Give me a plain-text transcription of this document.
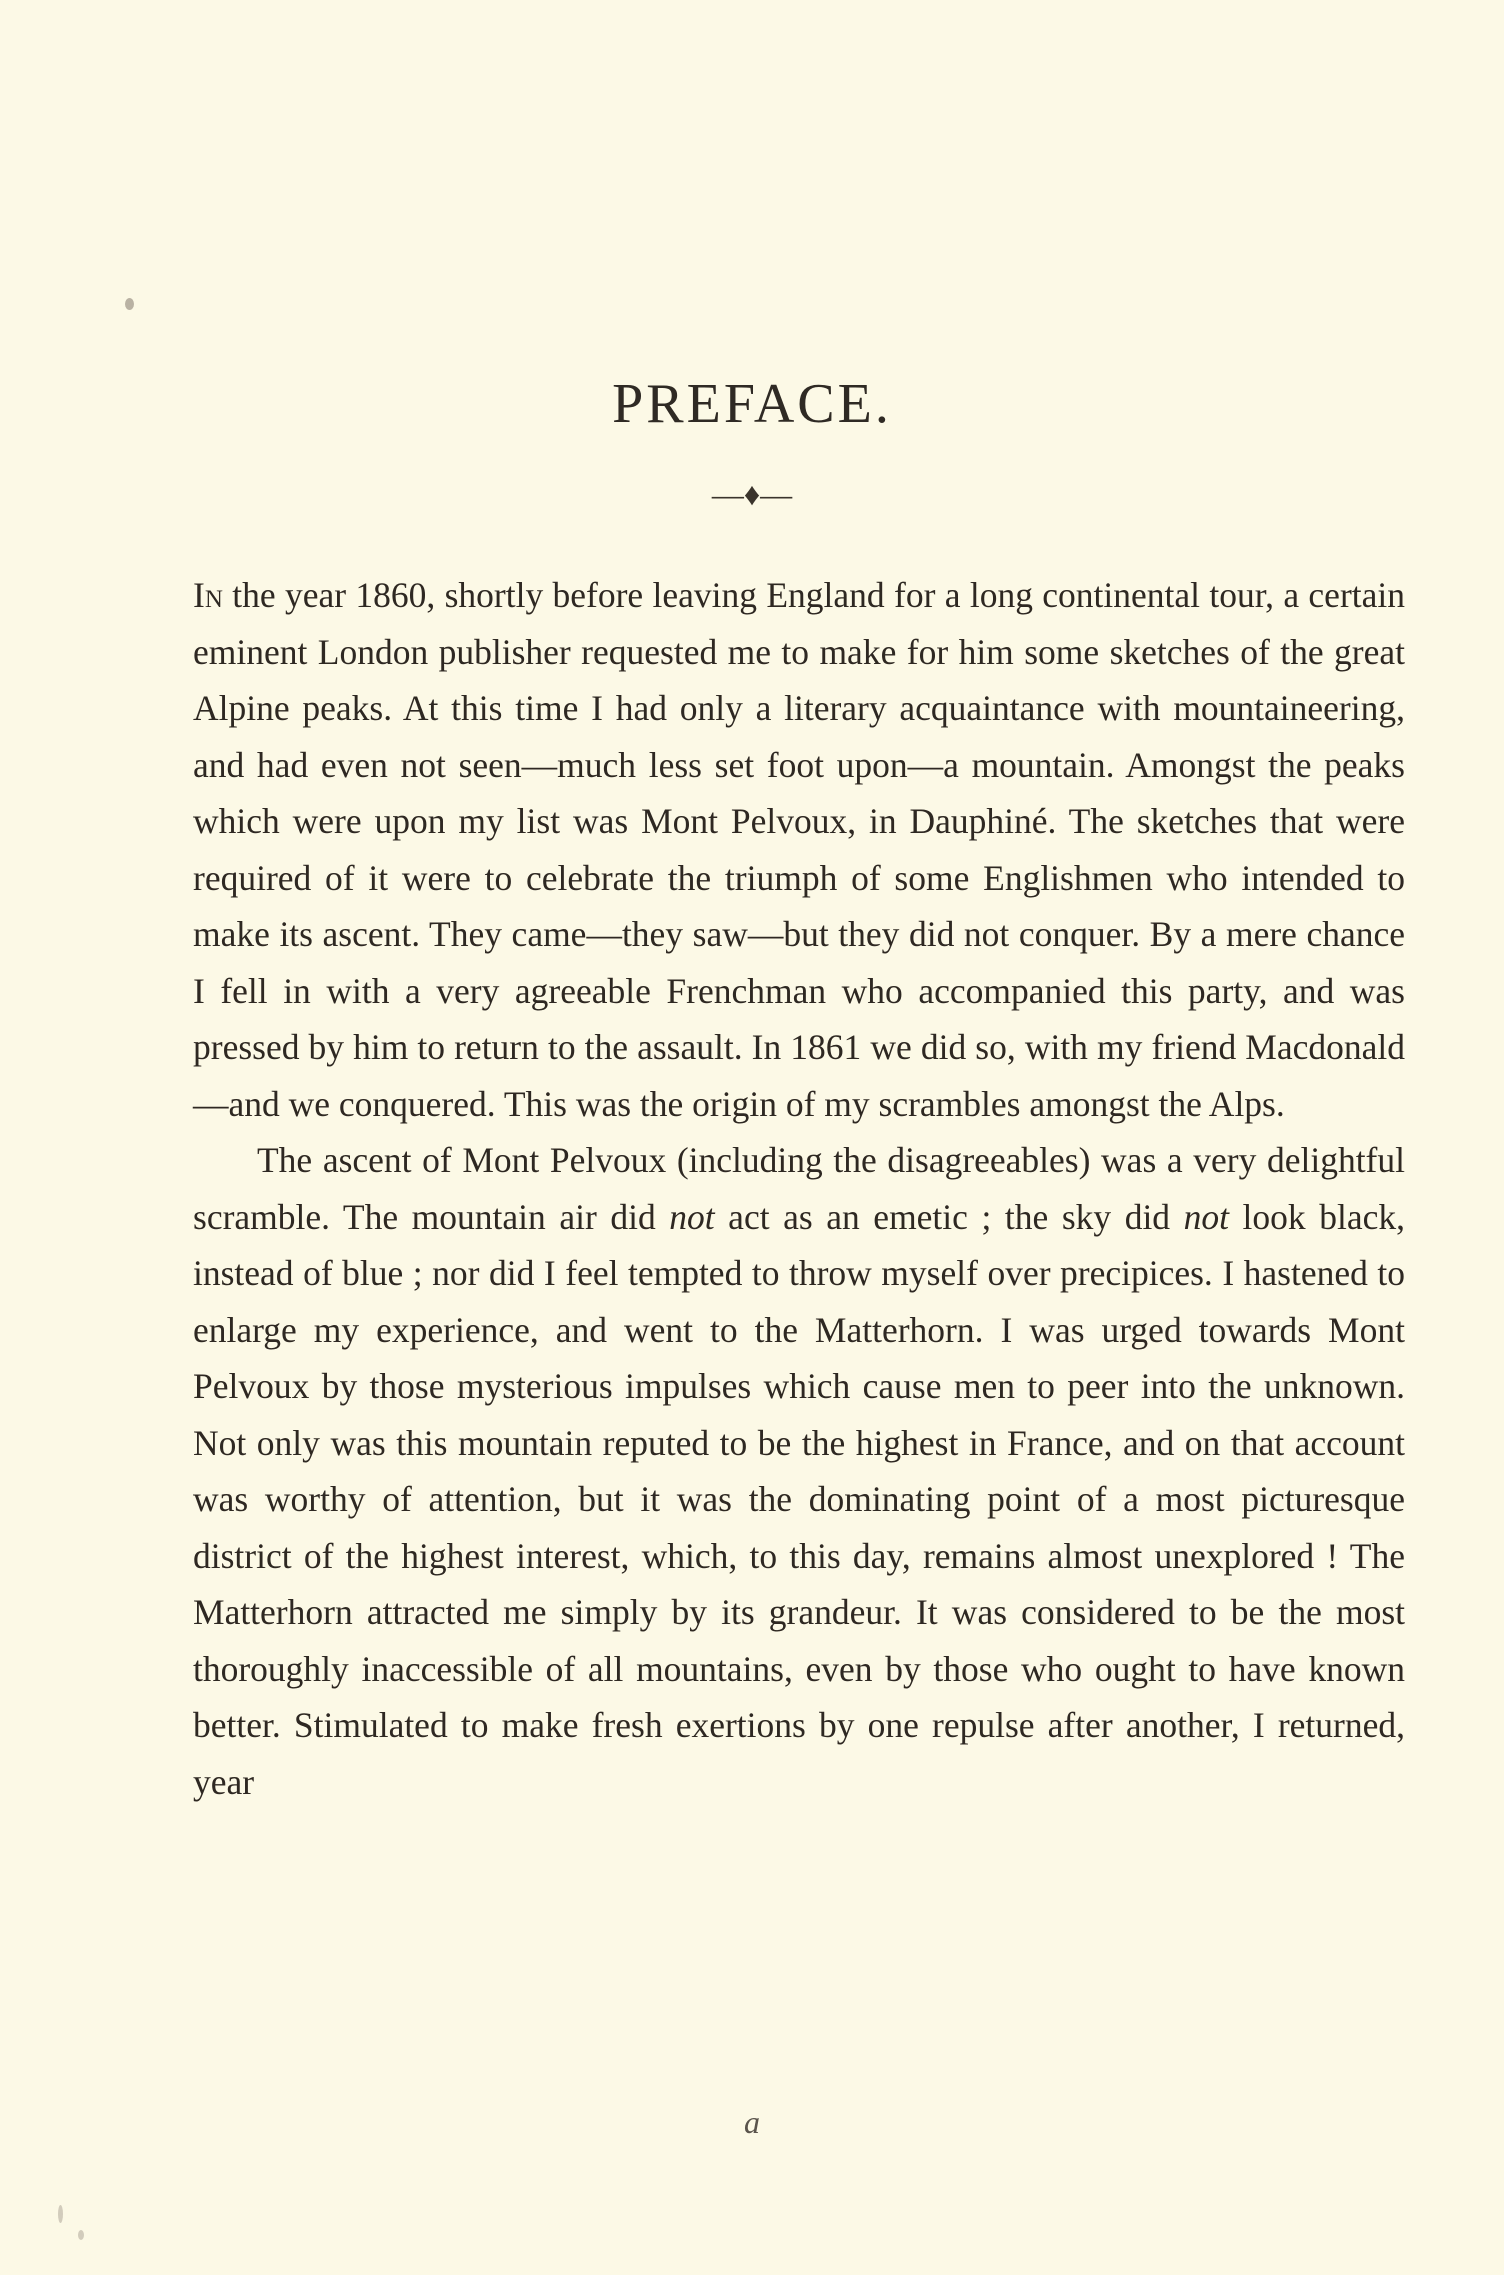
PREFACE.
—♦—

In the year 1860, shortly before leaving England for a long continental tour, a certain eminent London publisher requested me to make for him some sketches of the great Alpine peaks. At this time I had only a literary acquaintance with mountaineering, and had even not seen—much less set foot upon—a mountain. Amongst the peaks which were upon my list was Mont Pelvoux, in Dauphiné. The sketches that were required of it were to celebrate the triumph of some Englishmen who intended to make its ascent. They came—they saw—but they did not conquer. By a mere chance I fell in with a very agreeable Frenchman who accompanied this party, and was pressed by him to return to the assault. In 1861 we did so, with my friend Macdonald—and we conquered. This was the origin of my scrambles amongst the Alps.

The ascent of Mont Pelvoux (including the disagreeables) was a very delightful scramble. The mountain air did not act as an emetic ; the sky did not look black, instead of blue ; nor did I feel tempted to throw myself over precipices. I hastened to enlarge my experience, and went to the Matterhorn. I was urged towards Mont Pelvoux by those mysterious impulses which cause men to peer into the unknown. Not only was this mountain reputed to be the highest in France, and on that account was worthy of attention, but it was the dominating point of a most picturesque district of the highest interest, which, to this day, remains almost unexplored ! The Matterhorn attracted me simply by its grandeur. It was considered to be the most thoroughly inaccessible of all mountains, even by those who ought to have known better. Stimulated to make fresh exertions by one repulse after another, I returned, year

a
